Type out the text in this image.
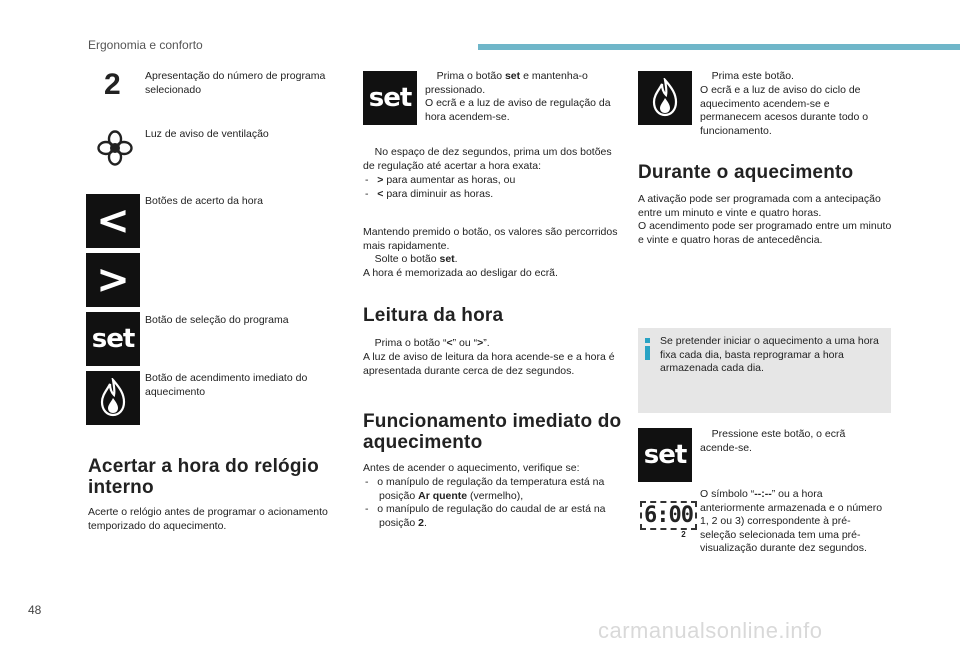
Ergonomia e conforto
2 Apresentação do número de programa selecionado
Luz de aviso de ventilação
<	Botões de acerto da hora
>
set
Botão de seleção do programa
Botão de acendimento imediato do aquecimento
Acertar a hora do relógio interno
Acerte o relógio antes de programar o acionamento temporizado do aquecimento.
set
Prima o botão set e mantenha-o pressionado.
O ecrã e a luz de aviso de regulação da hora acendem-se.
No espaço de dez segundos, prima um dos botões de regulação até acertar a hora exata:
- > para aumentar as horas, ou
- < para diminuir as horas.
Mantendo premido o botão, os valores são percorridos mais rapidamente.
Solte o botão set.
A hora é memorizada ao desligar do ecrã.
Leitura da hora
Prima o botão “<” ou “>”.
A luz de aviso de leitura da hora acende-se e a hora é apresentada durante cerca de dez segundos.
Funcionamento imediato do aquecimento
Antes de acender o aquecimento, verifique se:
- o manípulo de regulação da temperatura está na posição Ar quente (vermelho),
- o manípulo de regulação do caudal de ar está na posição 2.
Prima este botão.
O ecrã e a luz de aviso do ciclo de aquecimento acendem-se e permanecem acesos durante todo o funcionamento.
Durante o aquecimento
A ativação pode ser programada com a antecipação entre um minuto e vinte e quatro horas.
O acendimento pode ser programado entre um minuto e vinte e quatro horas de antecedência.
Se pretender iniciar o aquecimento a uma hora fixa cada dia, basta reprogramar a hora armazenada cada dia.
set
Pressione este botão, o ecrã acende-se.
6:00
2
O símbolo “--:--” ou a hora anteriormente armazenada e o número 1, 2 ou 3) correspondente à pré-seleção selecionada tem uma pré-visualização durante dez segundos.
48
carmanualsonline.info
